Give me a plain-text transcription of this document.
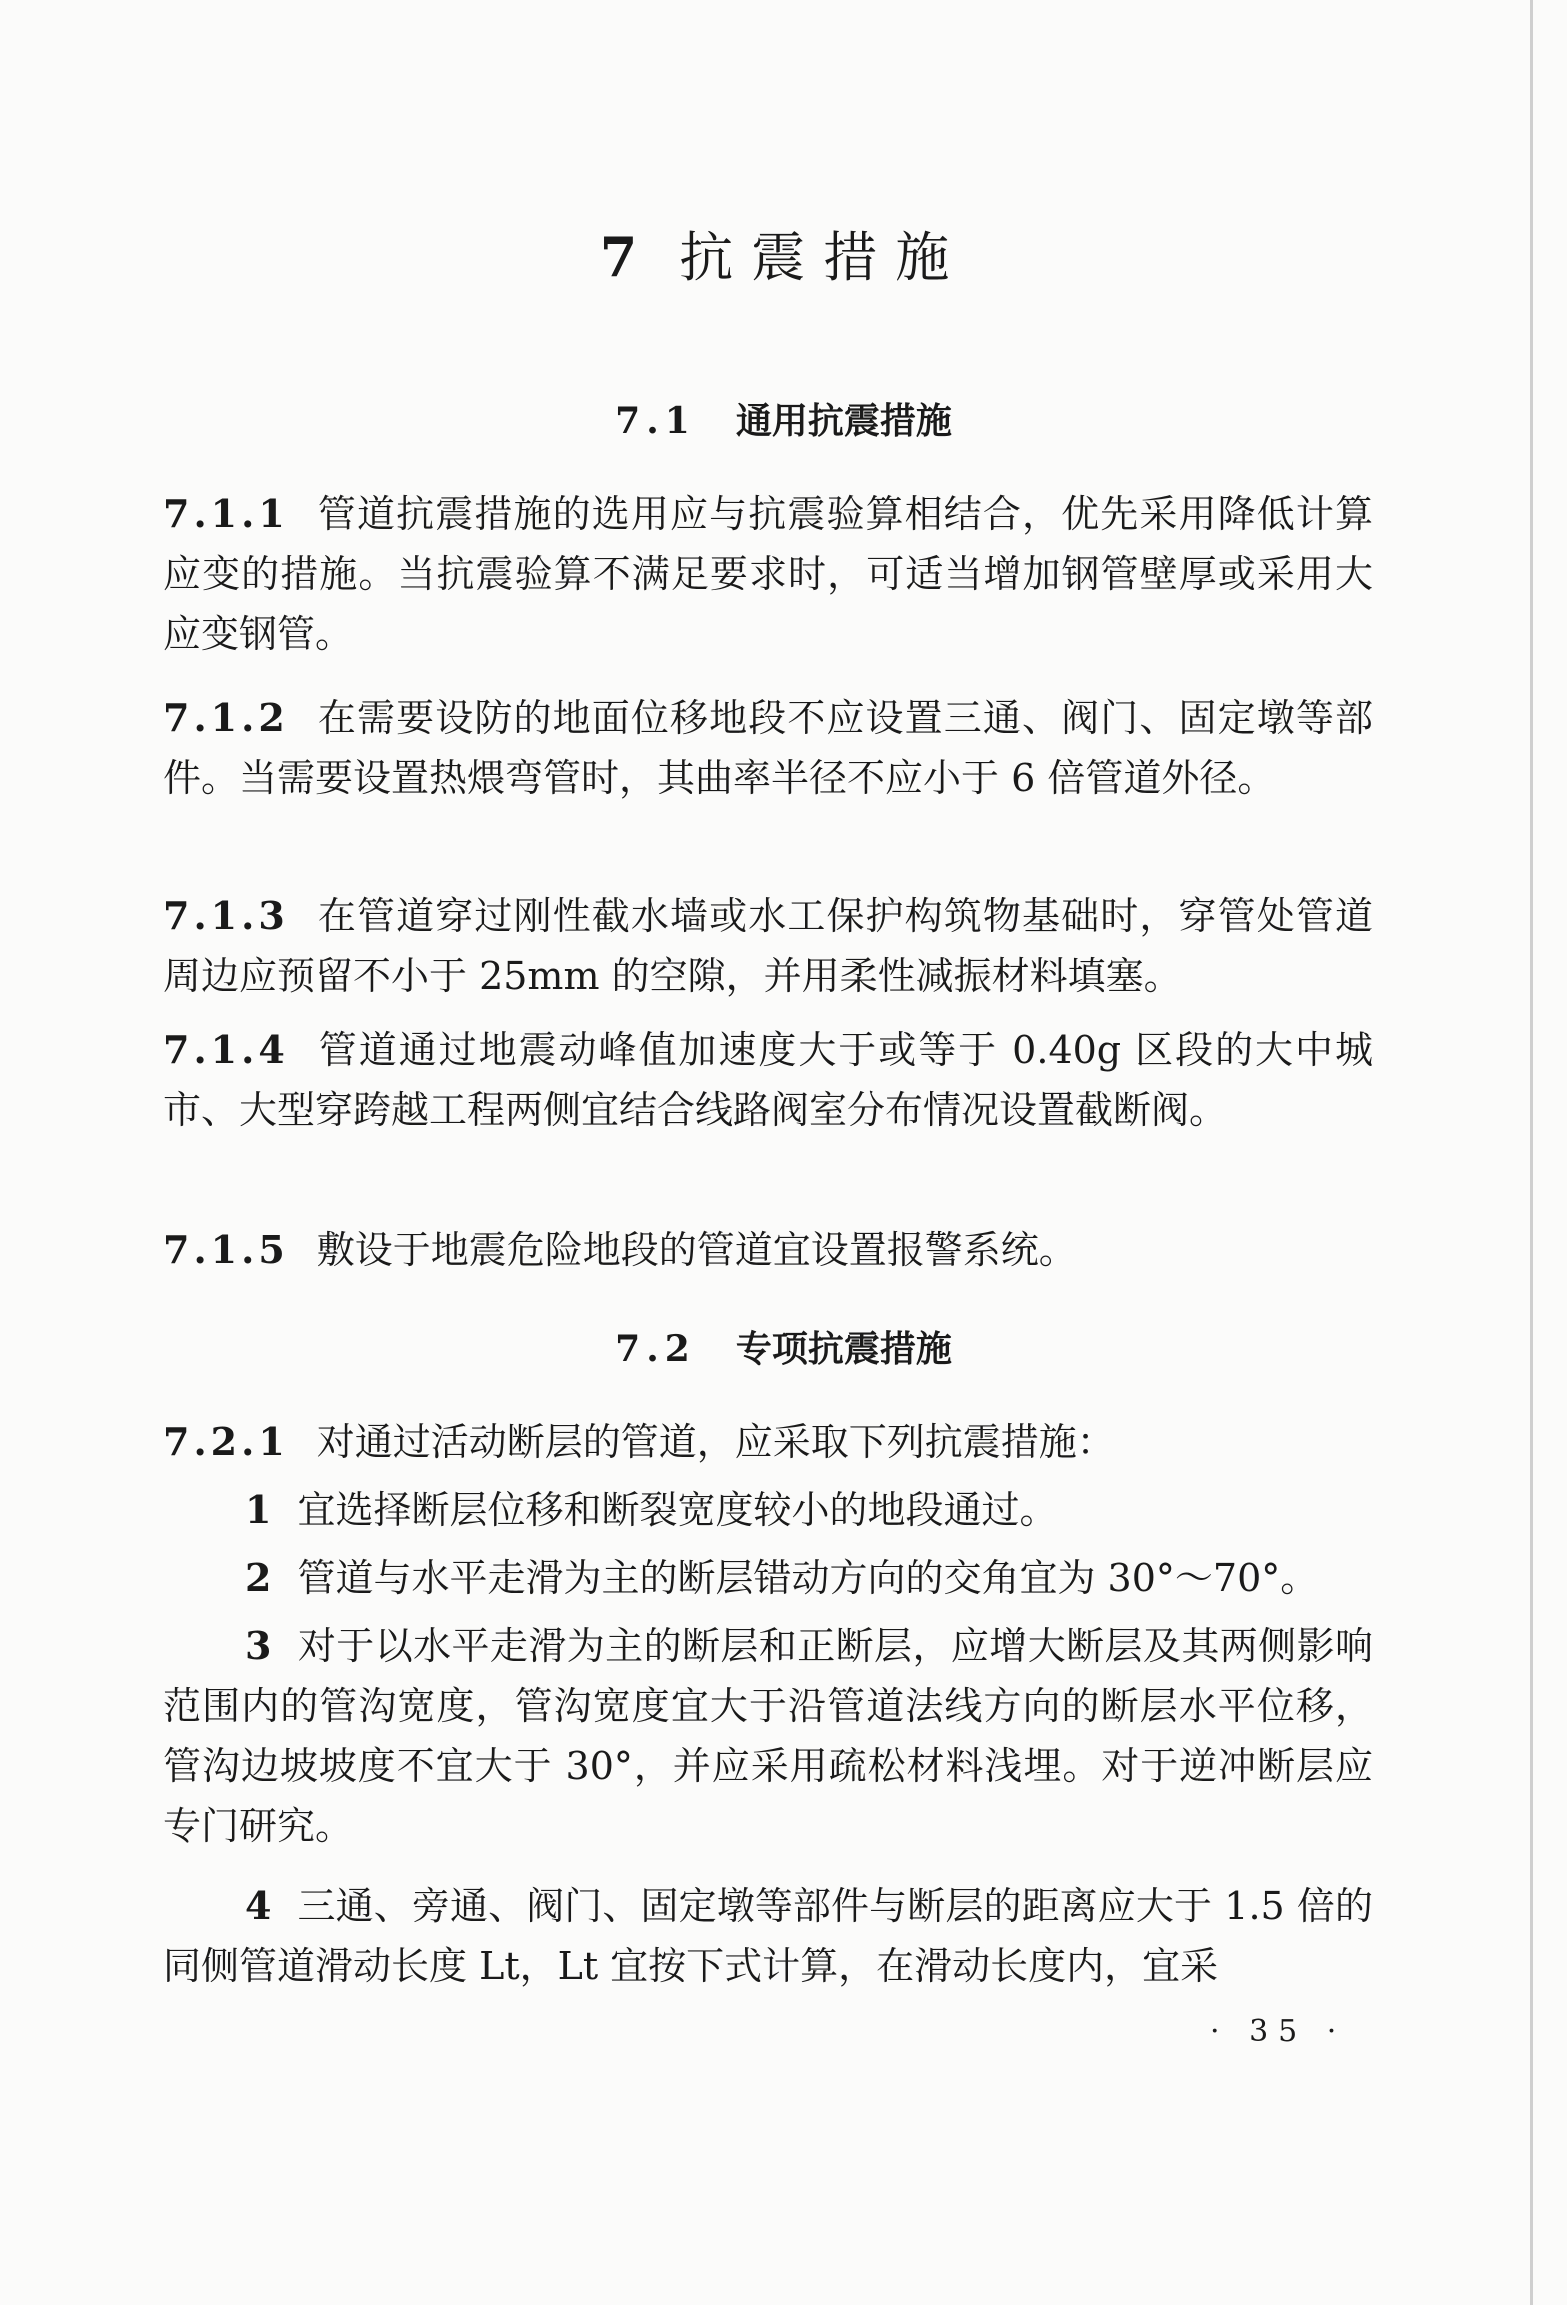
7 抗震措施
7.1 通用抗震措施

7.1.1 管道抗震措施的选用应与抗震验算相结合，优先采用降低计算应变的措施。当抗震验算不满足要求时，可适当增加钢管壁厚或采用大应变钢管。

7.1.2 在需要设防的地面位移地段不应设置三通、阀门、固定墩等部件。当需要设置热煨弯管时，其曲率半径不应小于 6 倍管道外径。

7.1.3 在管道穿过刚性截水墙或水工保护构筑物基础时，穿管处管道周边应预留不小于 25mm 的空隙，并用柔性减振材料填塞。

7.1.4 管道通过地震动峰值加速度大于或等于 0.40g 区段的大中城市、大型穿跨越工程两侧宜结合线路阀室分布情况设置截断阀。

7.1.5 敷设于地震危险地段的管道宜设置报警系统。

7.2 专项抗震措施

7.2.1 对通过活动断层的管道，应采取下列抗震措施：

1 宜选择断层位移和断裂宽度较小的地段通过。

2 管道与水平走滑为主的断层错动方向的交角宜为 30°～70°。

3 对于以水平走滑为主的断层和正断层，应增大断层及其两侧影响范围内的管沟宽度，管沟宽度宜大于沿管道法线方向的断层水平位移，管沟边坡坡度不宜大于 30°，并应采用疏松材料浅埋。对于逆冲断层应专门研究。

4 三通、旁通、阀门、固定墩等部件与断层的距离应大于 1.5 倍的同侧管道滑动长度 Lt，Lt 宜按下式计算，在滑动长度内，宜采

· 35 ·
